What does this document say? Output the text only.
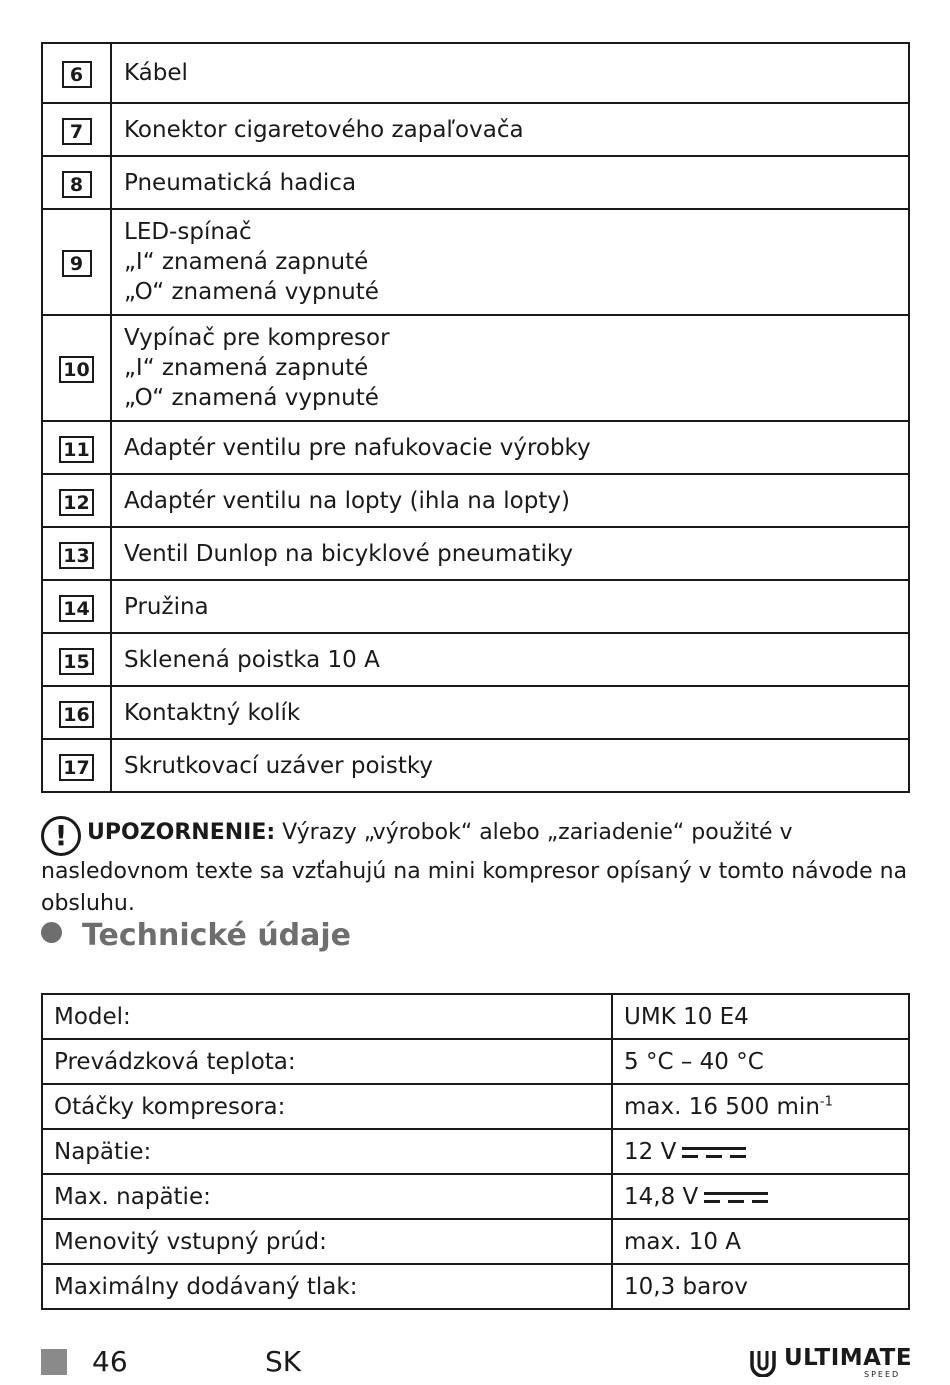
6	Kábel

7	Konektor cigaretového zapaľovača

8	Pneumatická hadica

9	LED-spínač
„I“ znamená zapnuté
„O“ znamená vypnuté

10	Vypínač pre kompresor
„I“ znamená zapnuté
„O“ znamená vypnuté

11	Adaptér ventilu pre nafukovacie výrobky

12	Adaptér ventilu na lopty (ihla na lopty)

13	Ventil Dunlop na bicyklové pneumatiky

14	Pružina

15	Sklenená poistka 10 A

16	Kontaktný kolík

17	Skrutkovací uzáver poistky
! UPOZORNENIE: Výrazy „výrobok“ alebo „zariadenie“ použité v nasledovnom texte sa vzťahujú na mini kompresor opísaný v tomto návode na obsluhu.
Technické údaje
Model:	UMK 10 E4
Prevádzková teplota:	5 °C – 40 °C
Otáčky kompresora:	max. 16 500 $\min^{-1}$
Napätie:	12 V
Max. napätie:	14,8 V
Menovitý vstupný prúd:	max. 10 A
Maximálny dodávaný tlak:	10,3 barov
46	SK	ULTIMATE
SPEED
